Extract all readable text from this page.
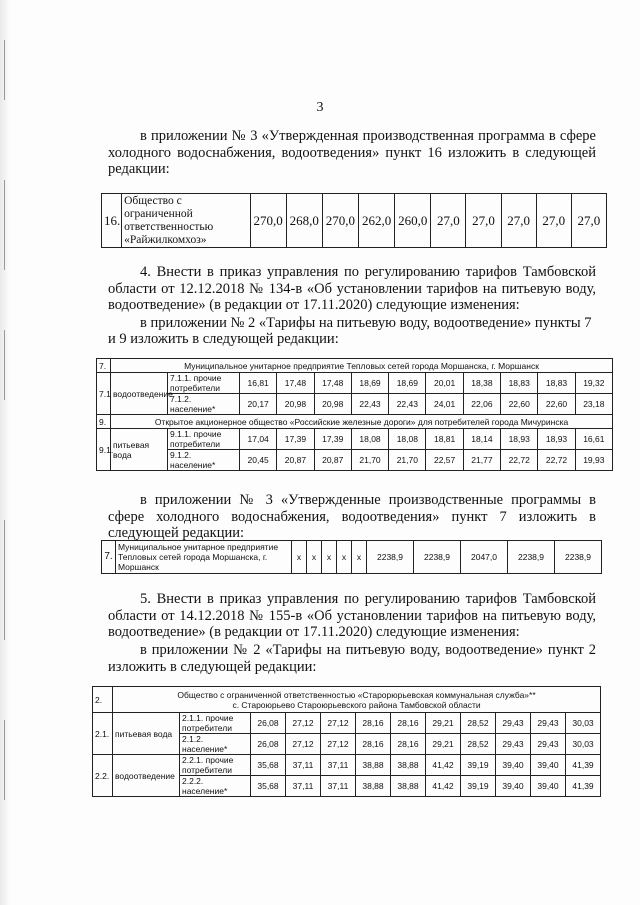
3
в приложении № 3 «Утвержденная производственная программа в сфере холодного водоснабжения, водоотведения» пункт 16 изложить в следующей редакции:
16.	Общество с ограниченной ответственностью «Райжилкомхоз»	270,0	268,0	270,0	262,0	260,0	27,0	27,0	27,0	27,0	27,0
4. Внести в приказ управления по регулированию тарифов Тамбовской области от 12.12.2018 № 134-в «Об установлении тарифов на питьевую воду, водоотведение» (в редакции от 17.11.2020) следующие изменения:
в приложении № 2 «Тарифы на питьевую воду, водоотведение» пункты 7
и 9 изложить в следующей редакции:
7.	Муниципальное унитарное предприятие Тепловых сетей города Моршанска, г. Моршанск											
7.1	водоотведение	7.1.1. прочие потребители	16,81	17,48	17,48	18,69	18,69	20,01	18,38	18,83	18,83	19,32
		7.1.2. население*	20,17	20,98	20,98	22,43	22,43	24,01	22,06	22,60	22,60	23,18
9.	Открытое акционерное общество «Российские железные дороги» для потребителей города Мичуринска											
9.1.	питьевая вода	9.1.1. прочие потребители	17,04	17,39	17,39	18,08	18,08	18,81	18,14	18,93	18,93	16,61
		9.1.2. население*	20,45	20,87	20,87	21,70	21,70	22,57	21,77	22,72	22,72	19,93
в приложении № 3 «Утвержденные производственные программы в сфере холодного водоснабжения, водоотведения» пункт 7 изложить в следующей редакции:
7.	Муниципальное унитарное предприятие Тепловых сетей города Моршанска, г. Моршанск	x	x	x	x	x	2238,9	2238,9	2047,0	2238,9	2238,9
5. Внести в приказ управления по регулированию тарифов Тамбовской области от 14.12.2018 № 155-в «Об установлении тарифов на питьевую воду, водоотведение» (в редакции от 17.11.2020) следующие изменения:
в приложении № 2 «Тарифы на питьевую воду, водоотведение» пункт 2 изложить в следующей редакции:
2.	Общество с ограниченной ответственностью «Старорюрьевская коммунальная служба»**
с. Староюрьево Староюрьевского района Тамбовской области											

2.1.	питьевая вода	2.1.1. прочие потребители	26,08	27,12	27,12	28,16	28,16	29,21	28,52	29,43	29,43	30,03
		2.1.2. население*	26,08	27,12	27,12	28,16	28,16	29,21	28,52	29,43	29,43	30,03
2.2.	водоотведение	2.2.1. прочие потребители	35,68	37,11	37,11	38,88	38,88	41,42	39,19	39,40	39,40	41,39
		2.2.2. население*	35,68	37,11	37,11	38,88	38,88	41,42	39,19	39,40	39,40	41,39
